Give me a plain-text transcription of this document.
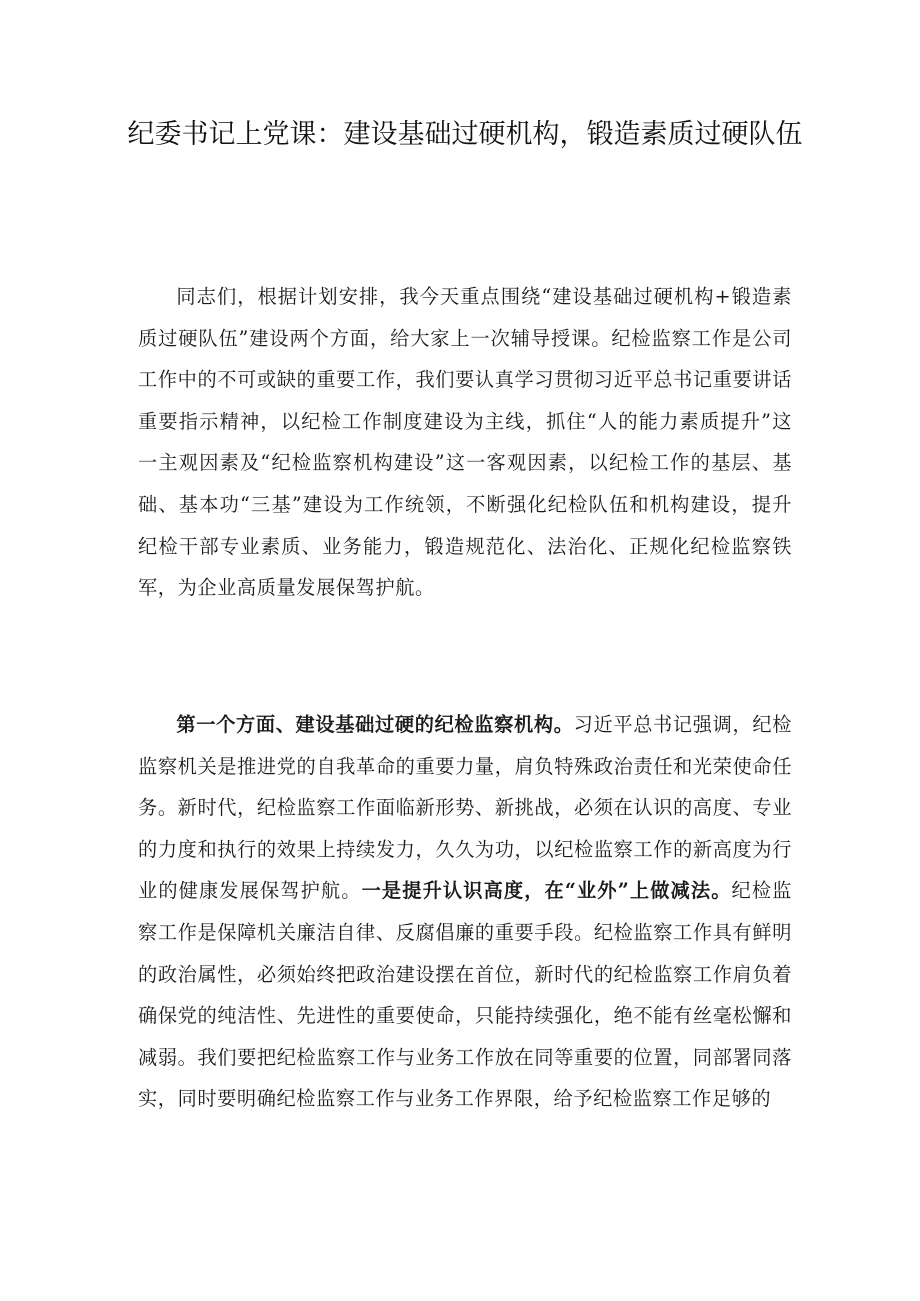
纪委书记上党课：建设基础过硬机构，锻造素质过硬队伍

同志们，根据计划安排，我今天重点围绕“建设基础过硬机构+锻造素质过硬队伍”建设两个方面，给大家上一次辅导授课。纪检监察工作是公司工作中的不可或缺的重要工作，我们要认真学习贯彻习近平总书记重要讲话重要指示精神，以纪检工作制度建设为主线，抓住“人的能力素质提升”这一主观因素及“纪检监察机构建设”这一客观因素，以纪检工作的基层、基础、基本功“三基”建设为工作统领，不断强化纪检队伍和机构建设，提升纪检干部专业素质、业务能力，锻造规范化、法治化、正规化纪检监察铁军，为企业高质量发展保驾护航。

第一个方面、建设基础过硬的纪检监察机构。习近平总书记强调，纪检监察机关是推进党的自我革命的重要力量，肩负特殊政治责任和光荣使命任务。新时代，纪检监察工作面临新形势、新挑战，必须在认识的高度、专业的力度和执行的效果上持续发力，久久为功，以纪检监察工作的新高度为行业的健康发展保驾护航。一是提升认识高度，在“业外”上做减法。纪检监察工作是保障机关廉洁自律、反腐倡廉的重要手段。纪检监察工作具有鲜明的政治属性，必须始终把政治建设摆在首位，新时代的纪检监察工作肩负着确保党的纯洁性、先进性的重要使命，只能持续强化，绝不能有丝毫松懈和减弱。我们要把纪检监察工作与业务工作放在同等重要的位置，同部署同落实，同时要明确纪检监察工作与业务工作界限，给予纪检监察工作足够的
